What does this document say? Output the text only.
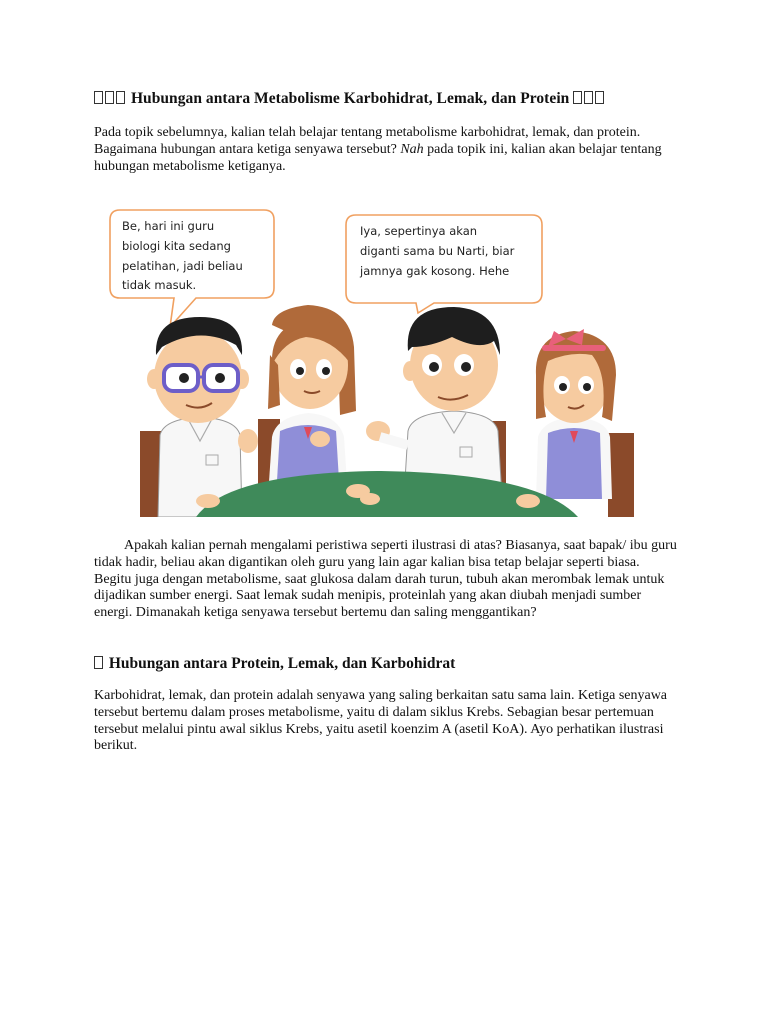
Hubungan antara Metabolisme Karbohidrat, Lemak, dan Protein
Pada topik sebelumnya, kalian telah belajar tentang metabolisme karbohidrat, lemak, dan protein. Bagaimana hubungan antara ketiga senyawa tersebut? Nah pada topik ini, kalian akan belajar tentang hubungan metabolisme ketiganya.
Be, hari ini guru
biologi kita sedang
pelatihan, jadi beliau
tidak masuk.
Iya, sepertinya akan
diganti sama bu Narti, biar
jamnya gak kosong. Hehe
Apakah kalian pernah mengalami peristiwa seperti ilustrasi di atas? Biasanya, saat bapak/ ibu guru tidak hadir, beliau akan digantikan oleh guru yang lain agar kalian bisa tetap belajar seperti biasa. Begitu juga dengan metabolisme, saat glukosa dalam darah turun, tubuh akan merombak lemak untuk dijadikan sumber energi. Saat lemak sudah menipis, proteinlah yang akan diubah menjadi sumber energi. Dimanakah ketiga senyawa tersebut bertemu dan saling menggantikan?
Hubungan antara Protein, Lemak, dan Karbohidrat
Karbohidrat, lemak, dan protein adalah senyawa yang saling berkaitan satu sama lain. Ketiga senyawa tersebut bertemu dalam proses metabolisme, yaitu di dalam siklus Krebs. Sebagian besar pertemuan tersebut melalui pintu awal siklus Krebs, yaitu asetil koenzim A (asetil KoA). Ayo perhatikan ilustrasi berikut.
